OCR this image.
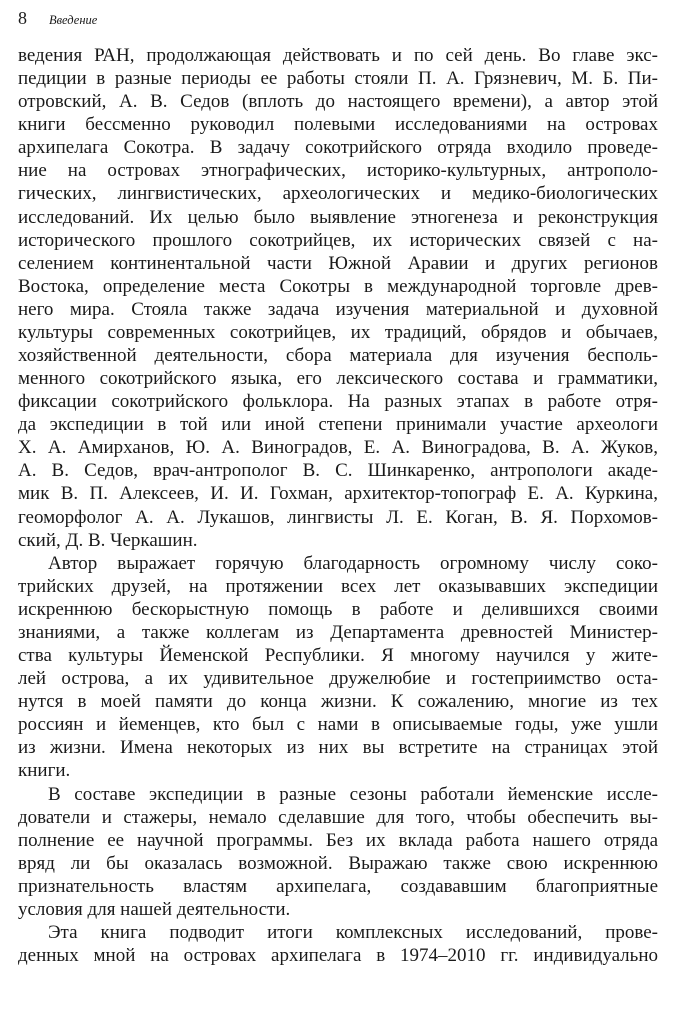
8 Введение
ведения РАН, продолжающая действовать и по сей день. Во главе экс-
педиции в разные периоды ее работы стояли П. А. Грязневич, М. Б. Пи-
отровский, А. В. Седов (вплоть до настоящего времени), а автор этой
книги бессменно руководил полевыми исследованиями на островах
архипелага Сокотра. В задачу сокотрийского отряда входило проведе-
ние на островах этнографических, историко-культурных, антрополо-
гических, лингвистических, археологических и медико-биологических
исследований. Их целью было выявление этногенеза и реконструкция
исторического прошлого сокотрийцев, их исторических связей с на-
селением континентальной части Южной Аравии и других регионов
Востока, определение места Сокотры в международной торговле древ-
него мира. Стояла также задача изучения материальной и духовной
культуры современных сокотрийцев, их традиций, обрядов и обычаев,
хозяйственной деятельности, сбора материала для изучения бесполь-
менного сокотрийского языка, его лексического состава и грамматики,
фиксации сокотрийского фольклора. На разных этапах в работе отря-
да экспедиции в той или иной степени принимали участие археологи
Х. А. Амирханов, Ю. А. Виноградов, Е. А. Виноградова, В. А. Жуков,
А. В. Седов, врач-антрополог В. С. Шинкаренко, антропологи акаде-
мик В. П. Алексеев, И. И. Гохман, архитектор-топограф Е. А. Куркина,
геоморфолог А. А. Лукашов, лингвисты Л. Е. Коган, В. Я. Порхомов-
ский, Д. В. Черкашин.
Автор выражает горячую благодарность огромному числу соко-
трийских друзей, на протяжении всех лет оказывавших экспедиции
искреннюю бескорыстную помощь в работе и делившихся своими
знаниями, а также коллегам из Департамента древностей Министер-
ства культуры Йеменской Республики. Я многому научился у жите-
лей острова, а их удивительное дружелюбие и гостеприимство оста-
нутся в моей памяти до конца жизни. К сожалению, многие из тех
россиян и йеменцев, кто был с нами в описываемые годы, уже ушли
из жизни. Имена некоторых из них вы встретите на страницах этой
книги.
В составе экспедиции в разные сезоны работали йеменские иссле-
дователи и стажеры, немало сделавшие для того, чтобы обеспечить вы-
полнение ее научной программы. Без их вклада работа нашего отряда
вряд ли бы оказалась возможной. Выражаю также свою искреннюю
признательность властям архипелага, создававшим благоприятные
условия для нашей деятельности.
Эта книга подводит итоги комплексных исследований, прове-
денных мной на островах архипелага в 1974–2010 гг. индивидуально
